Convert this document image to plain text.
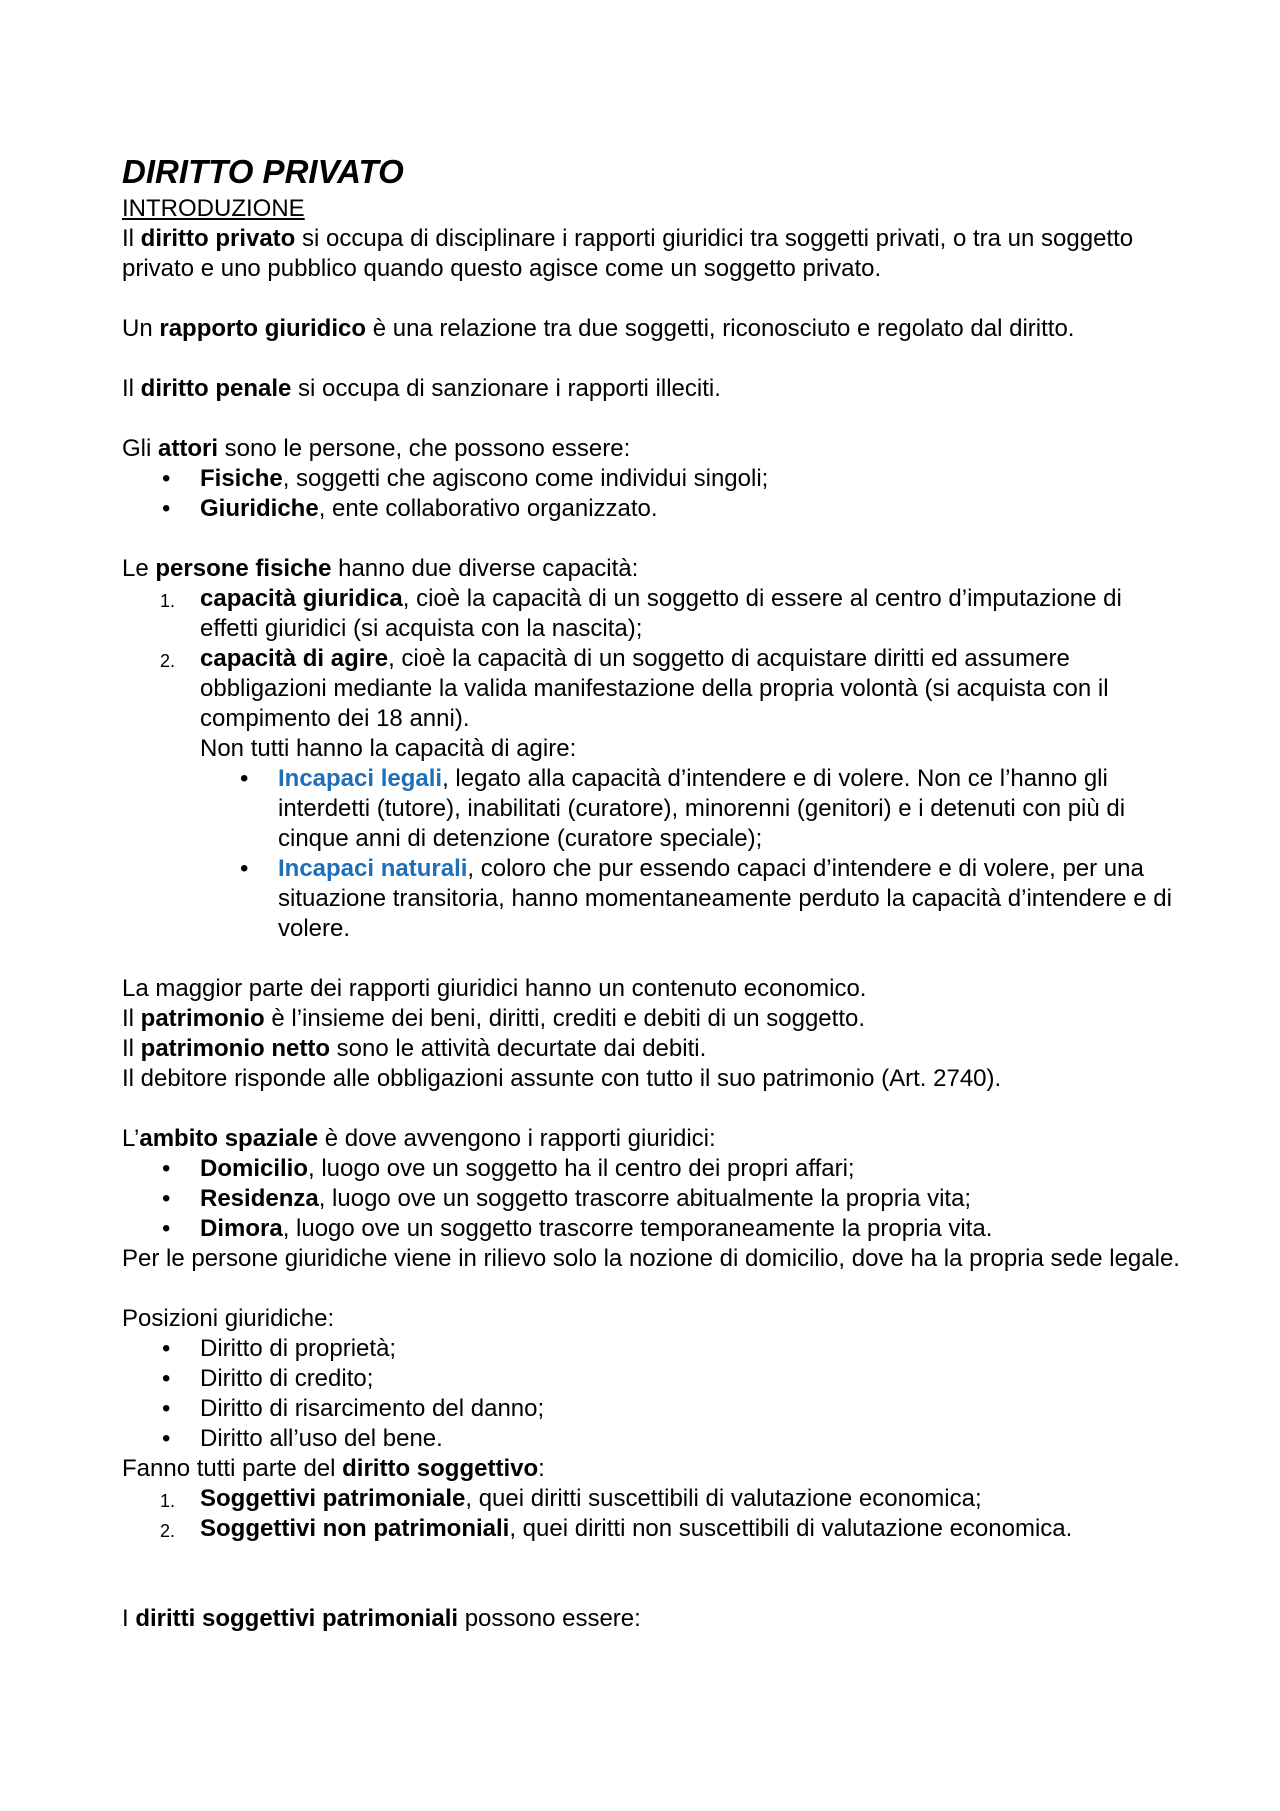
DIRITTO PRIVATO

INTRODUZIONE

Il diritto privato si occupa di disciplinare i rapporti giuridici tra soggetti privati, o tra un soggetto privato e uno pubblico quando questo agisce come un soggetto privato.

Un rapporto giuridico è una relazione tra due soggetti, riconosciuto e regolato dal diritto.

Il diritto penale si occupa di sanzionare i rapporti illeciti.

Gli attori sono le persone, che possono essere:

• Fisiche, soggetti che agiscono come individui singoli;
• Giuridiche, ente collaborativo organizzato.

Le persone fisiche hanno due diverse capacità:

1. capacità giuridica, cioè la capacità di un soggetto di essere al centro d’imputazione di effetti giuridici (si acquista con la nascita);
2. capacità di agire, cioè la capacità di un soggetto di acquistare diritti ed assumere obbligazioni mediante la valida manifestazione della propria volontà (si acquista con il compimento dei 18 anni).
Non tutti hanno la capacità di agire:
• Incapaci legali, legato alla capacità d’intendere e di volere. Non ce l’hanno gli interdetti (tutore), inabilitati (curatore), minorenni (genitori) e i detenuti con più di cinque anni di detenzione (curatore speciale);
• Incapaci naturali, coloro che pur essendo capaci d’intendere e di volere, per una situazione transitoria, hanno momentaneamente perduto la capacità d’intendere e di volere.

La maggior parte dei rapporti giuridici hanno un contenuto economico.

Il patrimonio è l’insieme dei beni, diritti, crediti e debiti di un soggetto.

Il patrimonio netto sono le attività decurtate dai debiti.

Il debitore risponde alle obbligazioni assunte con tutto il suo patrimonio (Art. 2740).

L’ambito spaziale è dove avvengono i rapporti giuridici:

• Domicilio, luogo ove un soggetto ha il centro dei propri affari;
• Residenza, luogo ove un soggetto trascorre abitualmente la propria vita;
• Dimora, luogo ove un soggetto trascorre temporaneamente la propria vita.

Per le persone giuridiche viene in rilievo solo la nozione di domicilio, dove ha la propria sede legale.

Posizioni giuridiche:

• Diritto di proprietà;
• Diritto di credito;
• Diritto di risarcimento del danno;
• Diritto all’uso del bene.

Fanno tutti parte del diritto soggettivo:

1. Soggettivi patrimoniale, quei diritti suscettibili di valutazione economica;
2. Soggettivi non patrimoniali, quei diritti non suscettibili di valutazione economica.

I diritti soggettivi patrimoniali possono essere:
